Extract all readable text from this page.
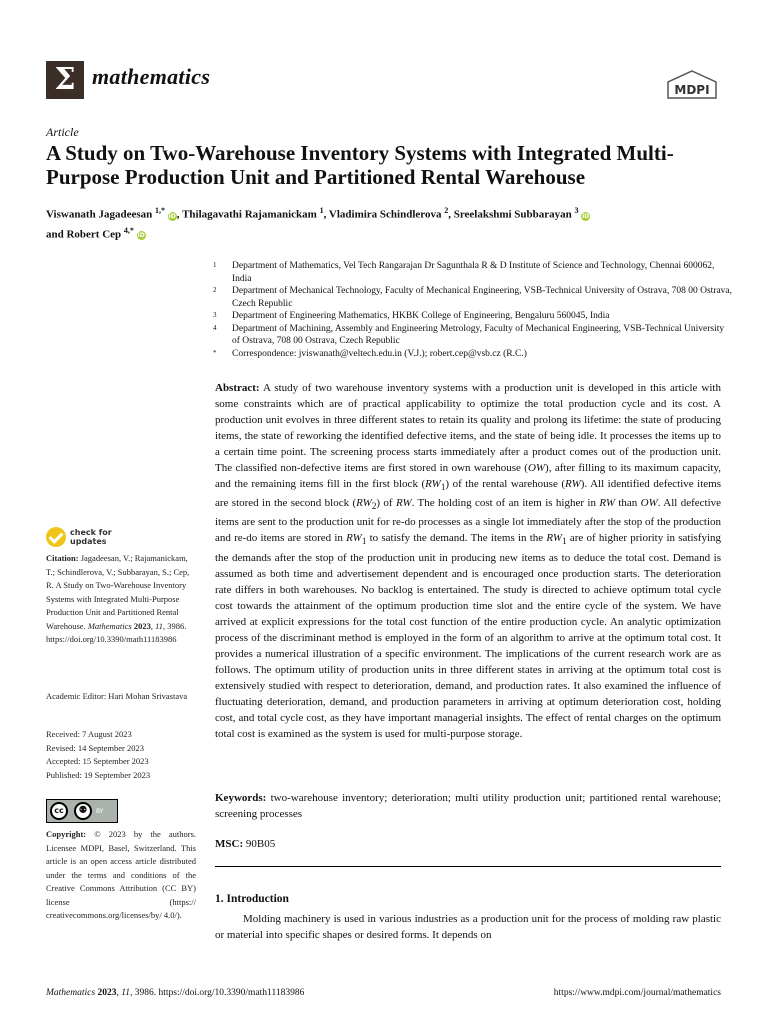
Σ mathematics
MDPI
Article
A Study on Two-Warehouse Inventory Systems with Integrated Multi-Purpose Production Unit and Partitioned Rental Warehouse
Viswanath Jagadeesan $^{1,*}$ iD, Thilagavathi Rajamanickam $^1$, Vladimira Schindlerova $^2$, Sreelakshmi Subbarayan $^3$ iD
and Robert Cep $^{4,*}$ iD
1	Department of Mathematics, Vel Tech Rangarajan Dr Sagunthala R & D Institute of Science and Technology, Chennai 600062, India
2	Department of Mechanical Technology, Faculty of Mechanical Engineering, VSB-Technical University of Ostrava, 708 00 Ostrava, Czech Republic
3	Department of Engineering Mathematics, HKBK College of Engineering, Bengaluru 560045, India
4	Department of Machining, Assembly and Engineering Metrology, Faculty of Mechanical Engineering, VSB-Technical University of Ostrava, 708 00 Ostrava, Czech Republic
*	Correspondence: jviswanath@veltech.edu.in (V.J.); robert.cep@vsb.cz (R.C.)
Abstract: A study of two warehouse inventory systems with a production unit is developed in this article with some constraints which are of practical applicability to optimize the total production cycle and its cost. A production unit evolves in three different states to retain its quality and prolong its lifetime: the state of producing items, the state of reworking the identified defective items, and the state of being idle. It processes the items up to a certain time point. The screening process starts immediately after a product comes out of the production unit. The classified non-defective items are first stored in own warehouse (OW), after filling to its maximum capacity, and the remaining items fill in the first block $(RW_1)$ of the rental warehouse (RW). All identified defective items are stored in the second block $(RW_2)$ of RW. The holding cost of an item is higher in RW than OW. All defective items are sent to the production unit for re-do processes as a single lot immediately after the stop of the production and re-do items are stored in $RW_1$ to satisfy the demand. The items in the $RW_1$ are of higher priority in satisfying the demands after the stop of the production unit in producing new items as to deduce the total cost. Demand is assumed as both time and advertisement dependent and is encouraged once production starts. The deterioration rate differs in both warehouses. No backlog is entertained. The study is directed to achieve optimum total cycle cost towards the attainment of the optimum production time slot and the entire cycle of the system. We have arrived at explicit expressions for the total cost function of the entire production cycle. An analytic optimization process of the discriminant method is employed in the form of an algorithm to arrive at the optimum total cost. It provides a numerical illustration of a specific environment. The implications of the current research work are as follows. The optimum utility of production units in three different states in arriving at the optimum total cost is extensively studied with respect to deterioration, demand, and production rates. It also examined the influence of fluctuating deterioration, demand, and production parameters in arriving at optimum deterioration cost, holding cost, and total cycle cost, as they have important managerial insights. The effect of rental charges on the optimum total cost is examined as the system is used for multi-purpose storage.
Keywords: two-warehouse inventory; deterioration; multi utility production unit; partitioned rental warehouse; screening processes
MSC: 90B05
1. Introduction
Molding machinery is used in various industries as a production unit for the process of molding raw plastic or material into specific shapes or desired forms. It depends on
check for
updates
Citation: Jagadeesan, V.; Rajamanickam, T.; Schindlerova, V.; Subbarayan, S.; Cep, R. A Study on Two-Warehouse Inventory Systems with Integrated Multi-Purpose Production Unit and Partitioned Rental Warehouse. Mathematics 2023, 11, 3986. https://doi.org/10.3390/math11183986
Academic Editor: Hari Mohan Srivastava
Received: 7 August 2023
Revised: 14 September 2023
Accepted: 15 September 2023
Published: 19 September 2023
cc	⚉	BY
Copyright: © 2023 by the authors. Licensee MDPI, Basel, Switzerland. This article is an open access article distributed under the terms and conditions of the Creative Commons Attribution (CC BY) license (https:// creativecommons.org/licenses/by/ 4.0/).
Mathematics 2023, 11, 3986. https://doi.org/10.3390/math11183986	https://www.mdpi.com/journal/mathematics
